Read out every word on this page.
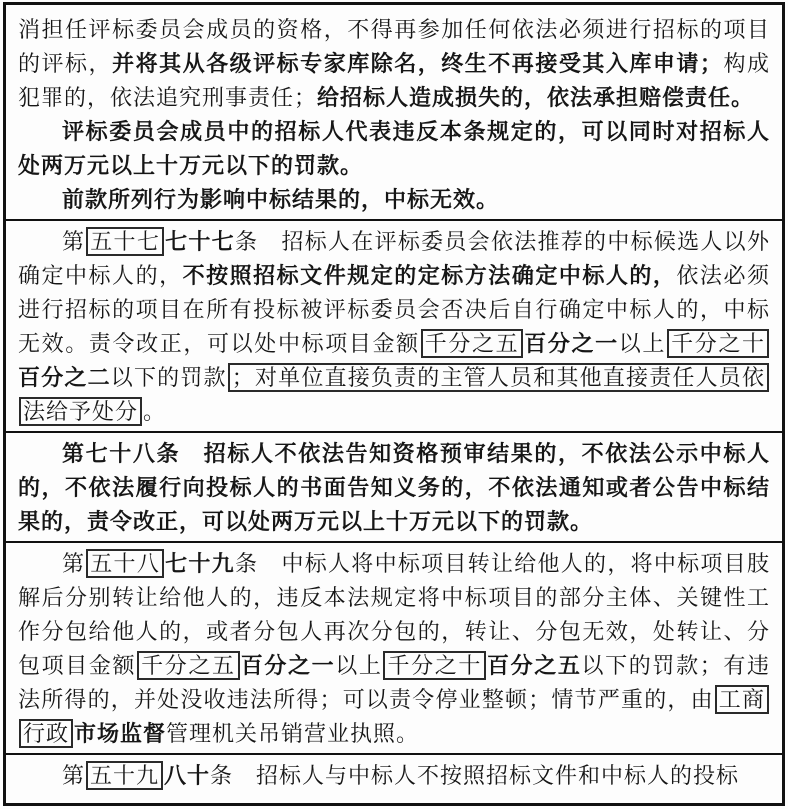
消担任评标委员会成员的资格，不得再参加任何依法必须进行招标的项目的评标，并将其从各级评标专家库除名，终生不再接受其入库申请；构成犯罪的，依法追究刑事责任；给招标人造成损失的，依法承担赔偿责任。

评标委员会成员中的招标人代表违反本条规定的，可以同时对招标人处两万元以上十万元以下的罚款。

前款所列行为影响中标结果的，中标无效。

第 五十七 七十七条　招标人在评标委员会依法推荐的中标候选人以外确定中标人的，不按照招标文件规定的定标方法确定中标人的，依法必须进行招标的项目在所有投标被评标委员会否决后自行确定中标人的，中标无效。责令改正，可以处中标项目金额 千分之五 百分之一以上 千分之十百分之二以下的罚款 ；对单位直接负责的主管人员和其他直接责任人员依法给予处分 。

第七十八条　招标人不依法告知资格预审结果的，不依法公示中标人的，不依法履行向投标人的书面告知义务的，不依法通知或者公告中标结果的，责令改正，可以处两万元以上十万元以下的罚款。

第 五十八 七十九条　中标人将中标项目转让给他人的，将中标项目肢解后分别转让给他人的，违反本法规定将中标项目的部分主体、关键性工作分包给他人的，或者分包人再次分包的，转让、分包无效，处转让、分包项目金额 千分之五 百分之一以上 千分之十 百分之五以下的罚款；有违法所得的，并处没收违法所得；可以责令停业整顿；情节严重的，由 工商行政 市场监督管理机关吊销营业执照。

第 五十九 八十条　招标人与中标人不按照招标文件和中标人的投标
